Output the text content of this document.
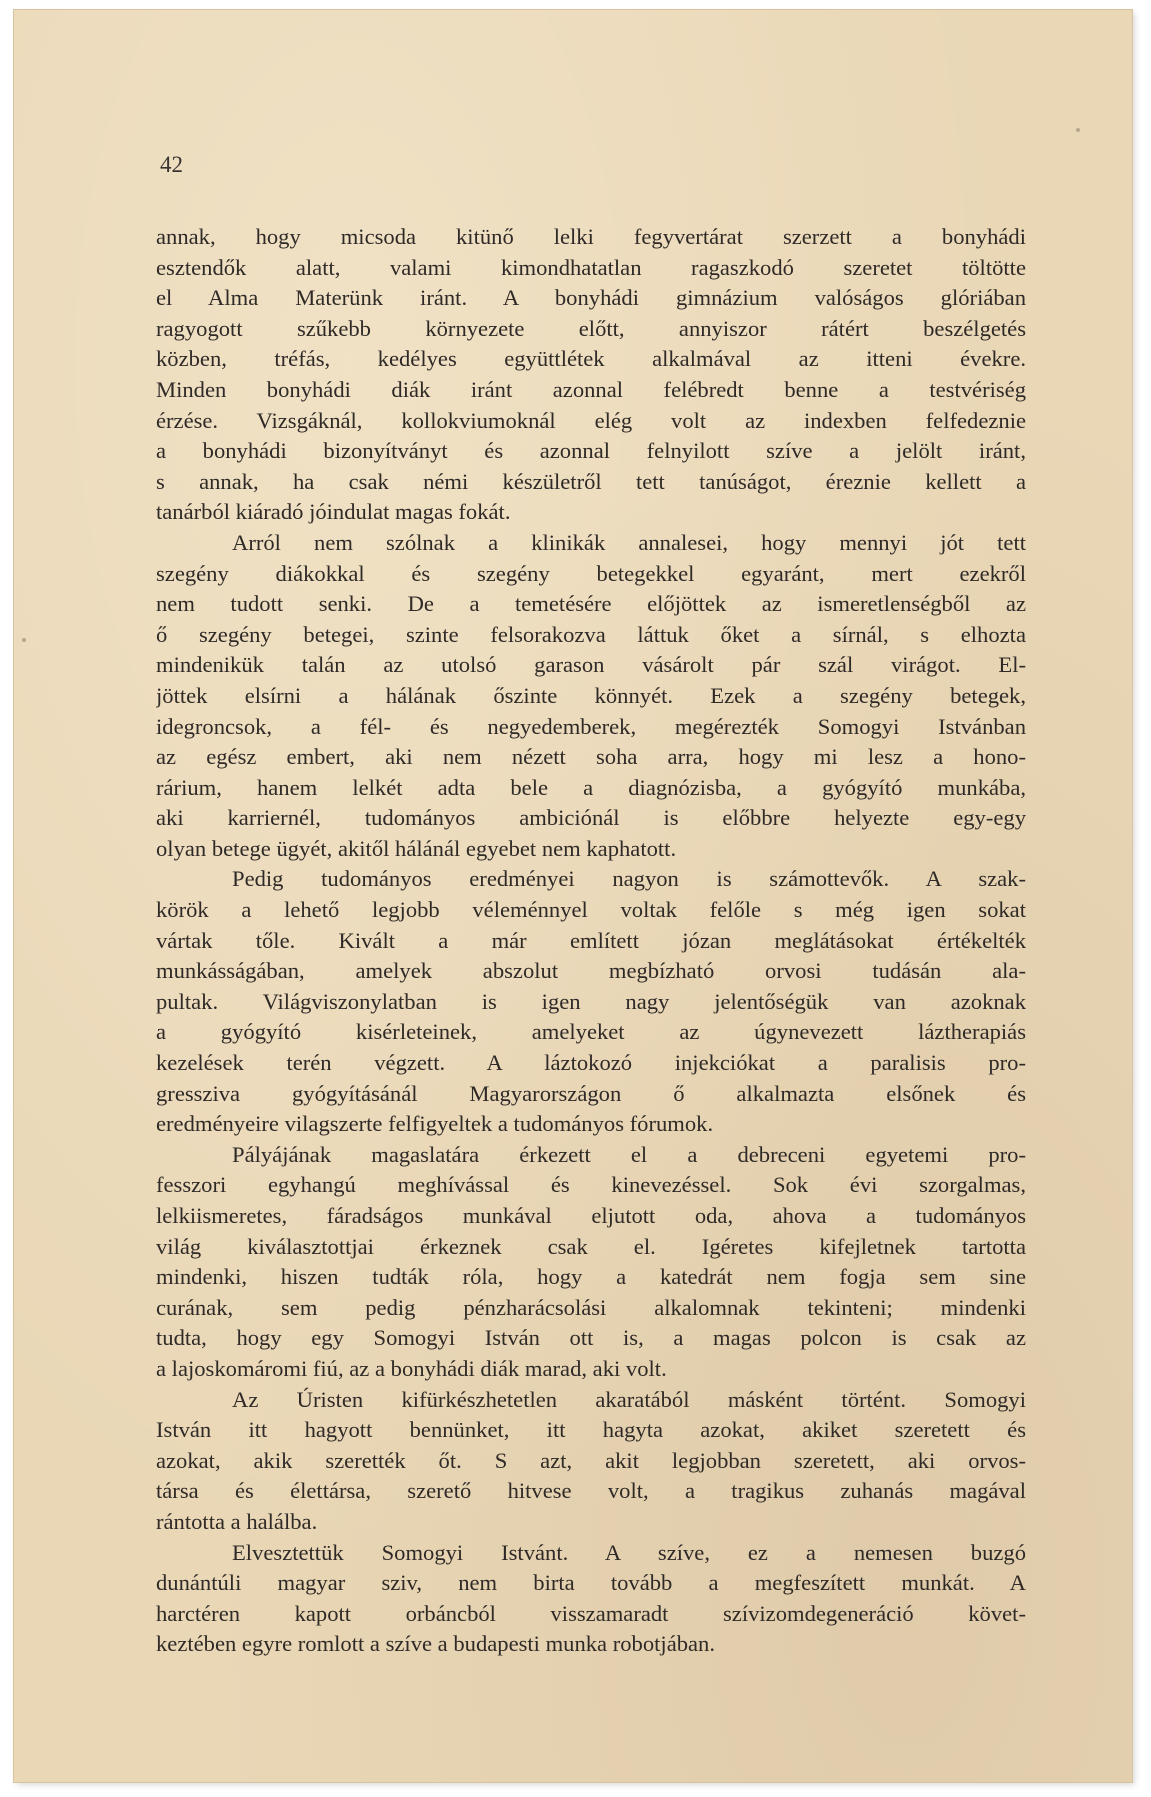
42
annak, hogy micsoda kitünő lelki fegyvertárat szerzett a bonyhádi
esztendők alatt, valami kimondhatatlan ragaszkodó szeretet töltötte
el Alma Materünk iránt. A bonyhádi gimnázium valóságos glóriában
ragyogott szűkebb környezete előtt, annyiszor rátért beszélgetés
közben, tréfás, kedélyes együttlétek alkalmával az itteni évekre.
Minden bonyhádi diák iránt azonnal felébredt benne a testvériség
érzése. Vizsgáknál, kollokviumoknál elég volt az indexben felfedeznie
a bonyhádi bizonyítványt és azonnal felnyilott szíve a jelölt iránt,
s annak, ha csak némi készületről tett tanúságot, éreznie kellett a
tanárból kiáradó jóindulat magas fokát.
Arról nem szólnak a klinikák annalesei, hogy mennyi jót tett
szegény diákokkal és szegény betegekkel egyaránt, mert ezekről
nem tudott senki. De a temetésére előjöttek az ismeretlenségből az
ő szegény betegei, szinte felsorakozva láttuk őket a sírnál, s elhozta
mindenikük talán az utolsó garason vásárolt pár szál virágot. El-
jöttek elsírni a hálának őszinte könnyét. Ezek a szegény betegek,
idegroncsok, a fél- és negyedemberek, megérezték Somogyi Istvánban
az egész embert, aki nem nézett soha arra, hogy mi lesz a hono-
rárium, hanem lelkét adta bele a diagnózisba, a gyógyító munkába,
aki karriernél, tudományos ambiciónál is előbbre helyezte egy-egy
olyan betege ügyét, akitől hálánál egyebet nem kaphatott.
Pedig tudományos eredményei nagyon is számottevők. A szak-
körök a lehető legjobb véleménnyel voltak felőle s még igen sokat
vártak tőle. Kivált a már említett józan meglátásokat értékelték
munkásságában, amelyek abszolut megbízható orvosi tudásán ala-
pultak. Világviszonylatban is igen nagy jelentőségük van azoknak
a gyógyító kisérleteinek, amelyeket az úgynevezett láztherapiás
kezelések terén végzett. A láztokozó injekciókat a paralisis pro-
gressziva gyógyításánál Magyarországon ő alkalmazta elsőnek és
eredményeire vilagszerte felfigyeltek a tudományos fórumok.
Pályájának magaslatára érkezett el a debreceni egyetemi pro-
fesszori egyhangú meghívással és kinevezéssel. Sok évi szorgalmas,
lelkiismeretes, fáradságos munkával eljutott oda, ahova a tudományos
világ kiválasztottjai érkeznek csak el. Igéretes kifejletnek tartotta
mindenki, hiszen tudták róla, hogy a katedrát nem fogja sem sine
curának, sem pedig pénzharácsolási alkalomnak tekinteni; mindenki
tudta, hogy egy Somogyi István ott is, a magas polcon is csak az
a lajoskomáromi fiú, az a bonyhádi diák marad, aki volt.
Az Úristen kifürkészhetetlen akaratából másként történt. Somogyi
István itt hagyott bennünket, itt hagyta azokat, akiket szeretett és
azokat, akik szerették őt. S azt, akit legjobban szeretett, aki orvos-
társa és élettársa, szerető hitvese volt, a tragikus zuhanás magával
rántotta a halálba.
Elvesztettük Somogyi Istvánt. A szíve, ez a nemesen buzgó
dunántúli magyar sziv, nem birta tovább a megfeszített munkát. A
harctéren kapott orbáncból visszamaradt szívizomdegeneráció követ-
keztében egyre romlott a szíve a budapesti munka robotjában.
